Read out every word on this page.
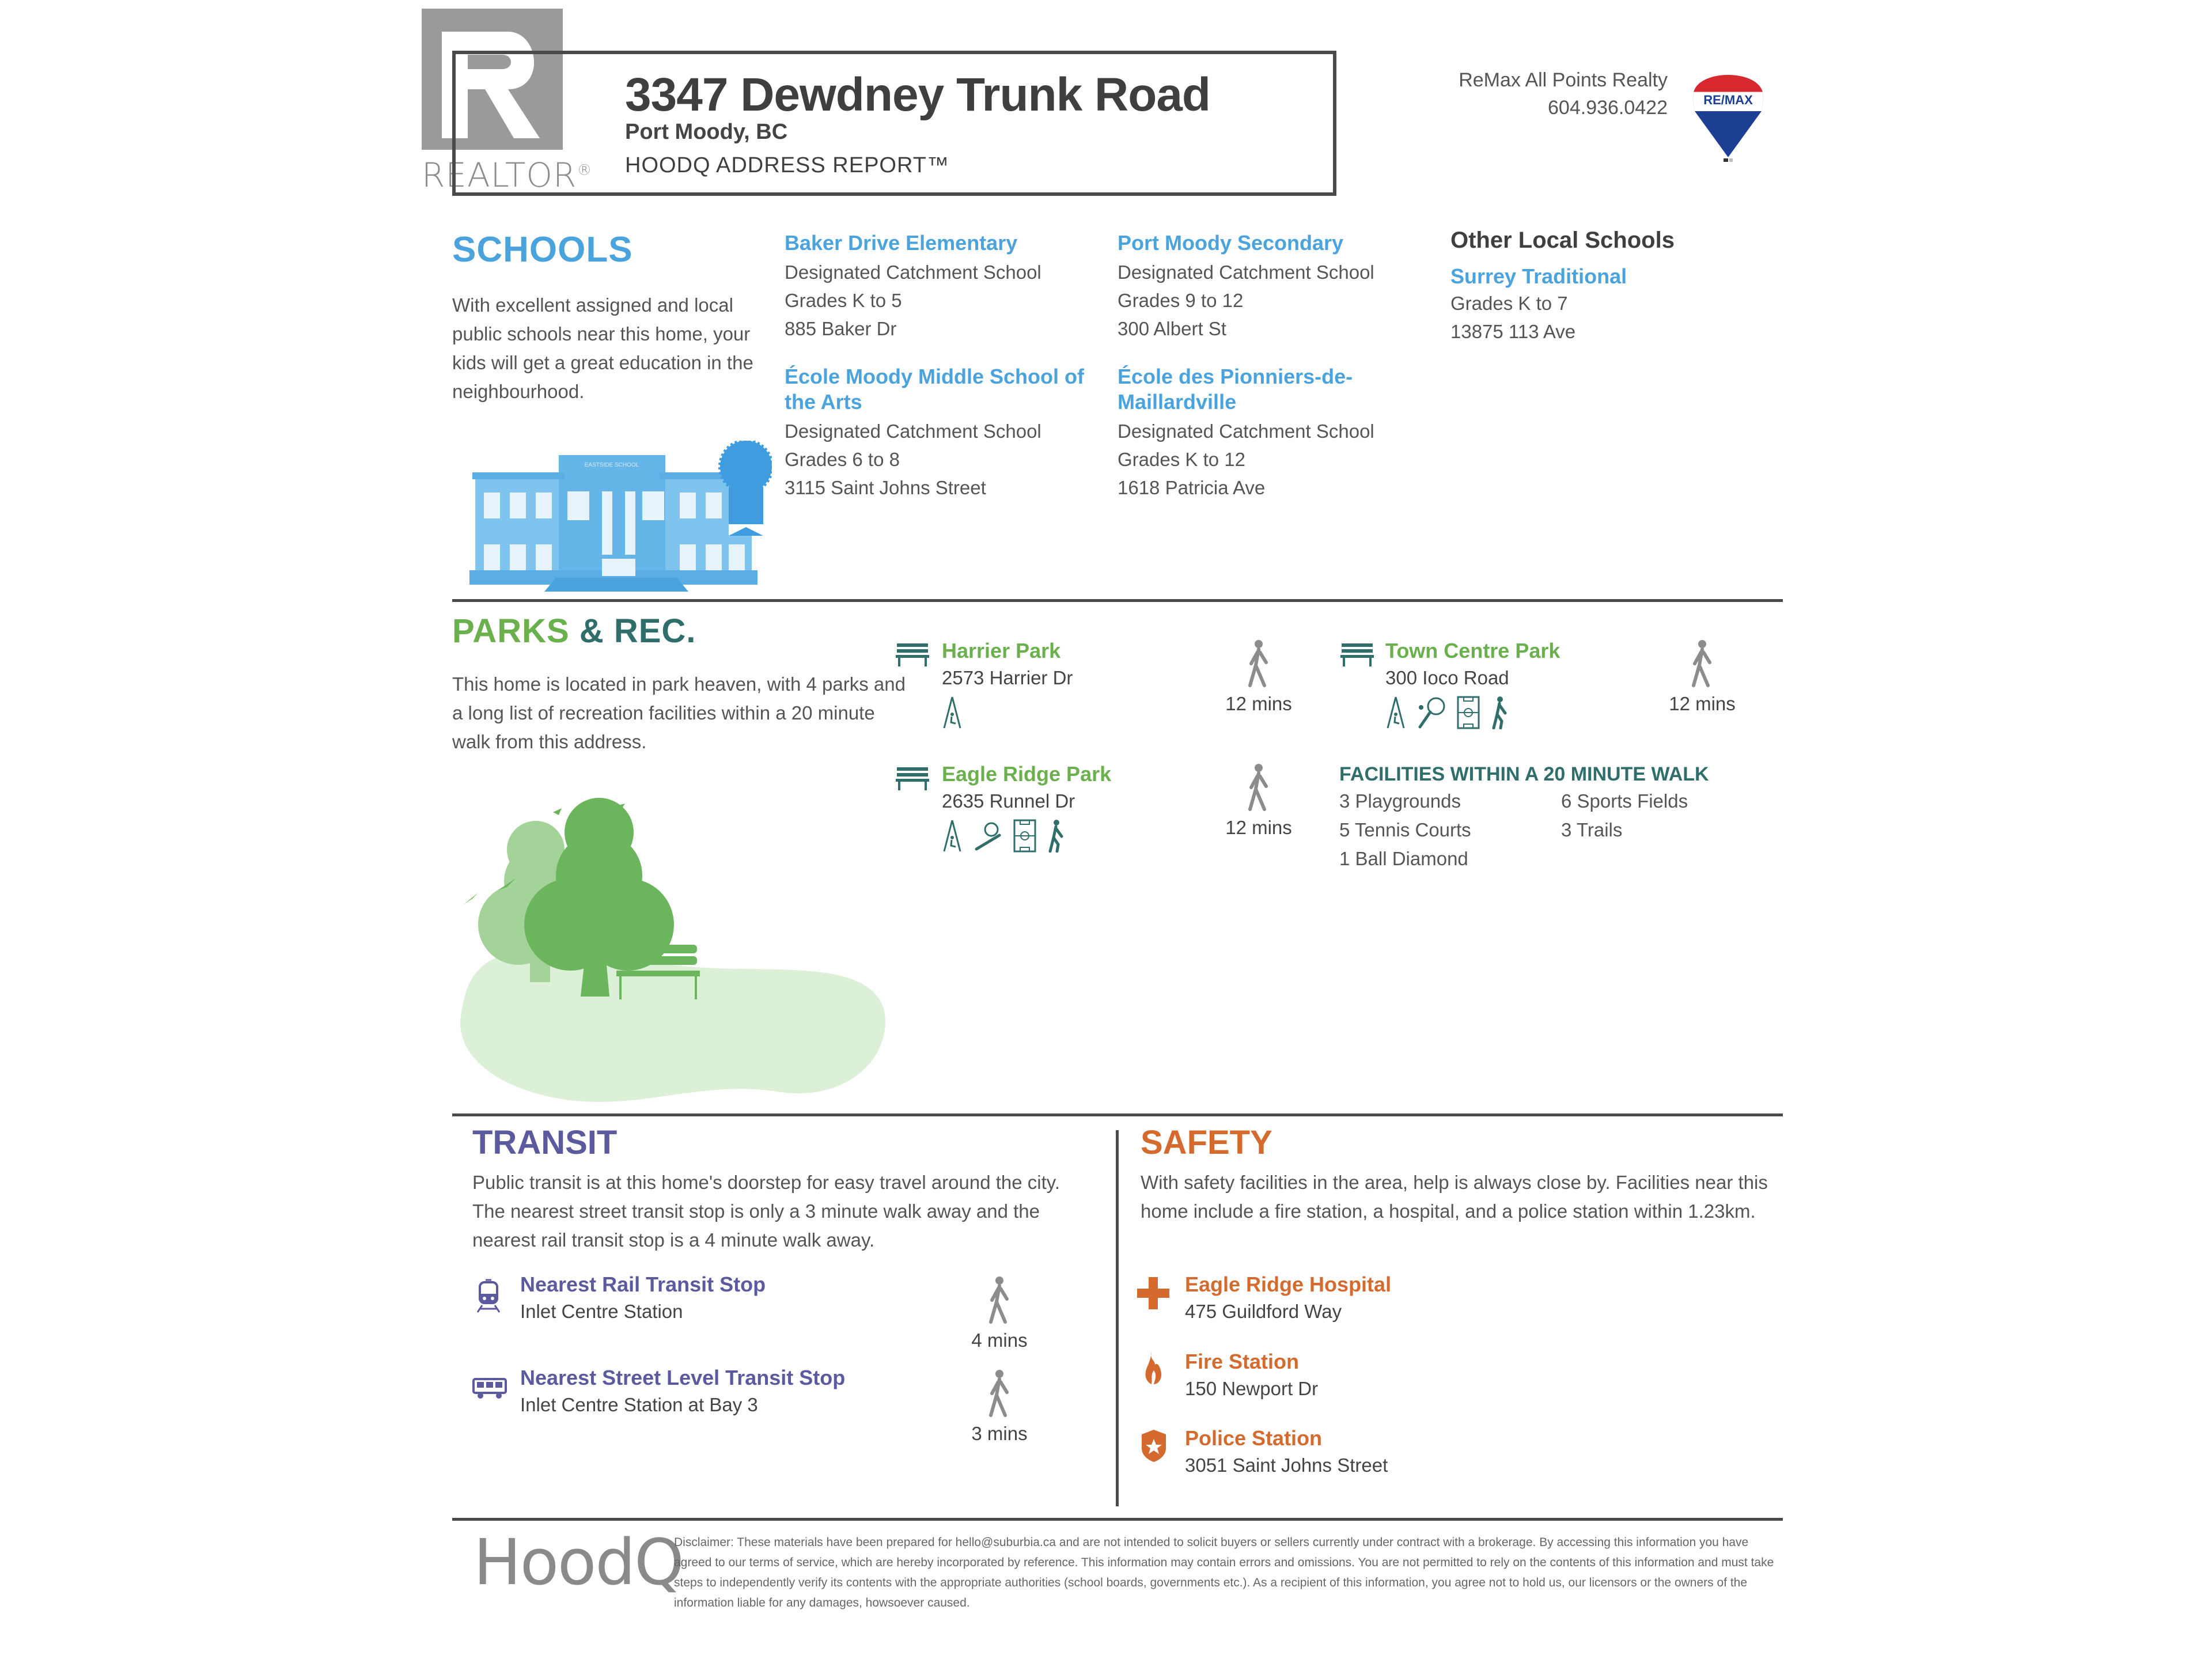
REALTOR®
3347 Dewdney Trunk Road
Port Moody, BC
HOODQ ADDRESS REPORT™
ReMax All Points Realty
604.936.0422	RE/MAX
SCHOOLS
With excellent assigned and local public schools near this home, your kids will get a great education in the neighbourhood.
EASTSIDE SCHOOL
Baker Drive Elementary
Designated Catchment School
Grades K to 5
885 Baker Dr
Port Moody Secondary
Designated Catchment School
Grades 9 to 12
300 Albert St
École Moody Middle School of the Arts
Designated Catchment School
Grades 6 to 8
3115 Saint Johns Street
École des Pionniers-de-Maillardville
Designated Catchment School
Grades K to 12
1618 Patricia Ave
Other Local Schools
Surrey Traditional
Grades K to 7
13875 113 Ave
PARKS & REC.
This home is located in park heaven, with 4 parks and a long list of recreation facilities within a 20 minute walk from this address.
Harrier Park
2573 Harrier Dr
12 mins
Town Centre Park
300 Ioco Road
12 mins
Eagle Ridge Park
2635 Runnel Dr
12 mins
FACILITIES WITHIN A 20 MINUTE WALK
3 Playgrounds
5 Tennis Courts
1 Ball Diamond
6 Sports Fields
3 Trails
TRANSIT
Public transit is at this home's doorstep for easy travel around the city. The nearest street transit stop is only a 3 minute walk away and the nearest rail transit stop is a 4 minute walk away.
Nearest Rail Transit Stop
Inlet Centre Station
4 mins
Nearest Street Level Transit Stop
Inlet Centre Station at Bay 3
3 mins
SAFETY
With safety facilities in the area, help is always close by. Facilities near this home include a fire station, a hospital, and a police station within 1.23km.
Eagle Ridge Hospital
475 Guildford Way
Fire Station
150 Newport Dr
Police Station
3051 Saint Johns Street
HoodQ
Disclaimer: These materials have been prepared for hello@suburbia.ca and are not intended to solicit buyers or sellers currently under contract with a brokerage. By accessing this information you have agreed to our terms of service, which are hereby incorporated by reference. This information may contain errors and omissions. You are not permitted to rely on the contents of this information and must take steps to independently verify its contents with the appropriate authorities (school boards, governments etc.). As a recipient of this information, you agree not to hold us, our licensors or the owners of the information liable for any damages, howsoever caused.
